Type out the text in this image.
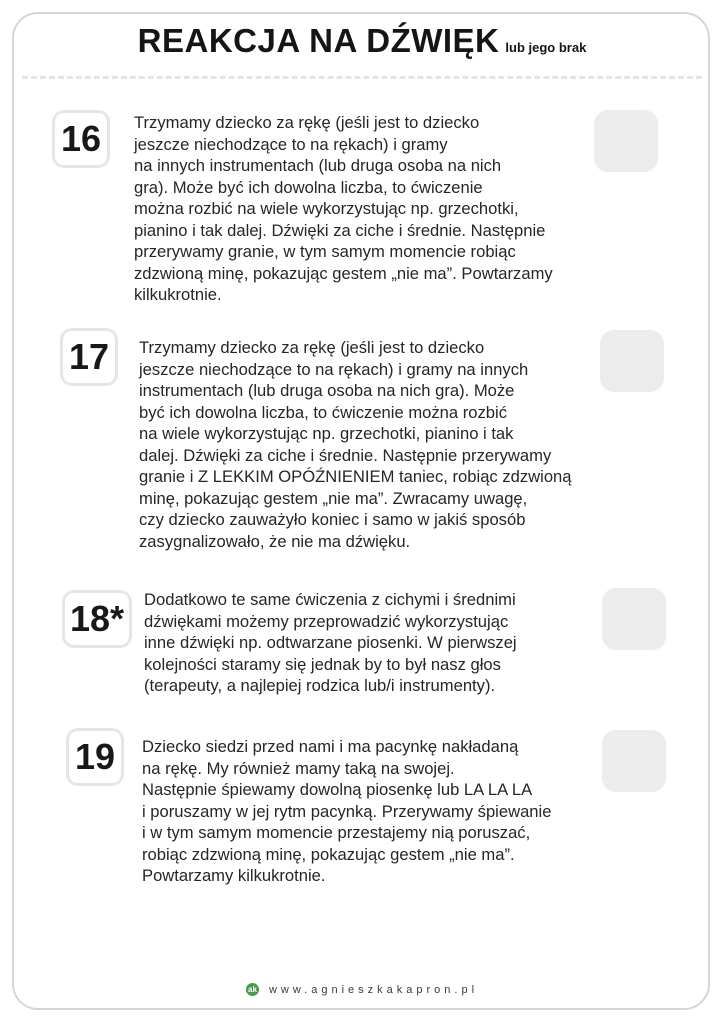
REAKCJA NA DŹWIĘK lub jego brak
16	Trzymamy dziecko za rękę (jeśli jest to dziecko
jeszcze niechodzące to na rękach) i gramy
na innych instrumentach (lub druga osoba na nich
gra). Może być ich dowolna liczba, to ćwiczenie
można rozbić na wiele wykorzystując np. grzechotki,
pianino i tak dalej. Dźwięki za ciche i średnie. Następnie
przerywamy granie, w tym samym momencie robiąc
zdzwioną minę, pokazując gestem „nie ma”. Powtarzamy
kilkukrotnie.
17	Trzymamy dziecko za rękę (jeśli jest to dziecko
jeszcze niechodzące to na rękach) i gramy na innych
instrumentach (lub druga osoba na nich gra). Może
być ich dowolna liczba, to ćwiczenie można rozbić
na wiele wykorzystując np. grzechotki, pianino i tak
dalej. Dźwięki za ciche i średnie. Następnie przerywamy
granie i Z LEKKIM OPÓŹNIENIEM taniec, robiąc zdzwioną
minę, pokazując gestem „nie ma”. Zwracamy uwagę,
czy dziecko zauważyło koniec i samo w jakiś sposób
zasygnalizowało, że nie ma dźwięku.
18*	Dodatkowo te same ćwiczenia z cichymi i średnimi
dźwiękami możemy przeprowadzić wykorzystując
inne dźwięki np. odtwarzane piosenki. W pierwszej
kolejności staramy się jednak by to był nasz głos
(terapeuty, a najlepiej rodzica lub/i instrumenty).
19	Dziecko siedzi przed nami i ma pacynkę nakładaną
na rękę. My również mamy taką na swojej.
Następnie śpiewamy dowolną piosenkę lub LA LA LA
i poruszamy w jej rytm pacynką. Przerywamy śpiewanie
i w tym samym momencie przestajemy nią poruszać,
robiąc zdzwioną minę, pokazując gestem „nie ma”.
Powtarzamy kilkukrotnie.
ak www.agnieszkakapron.pl
